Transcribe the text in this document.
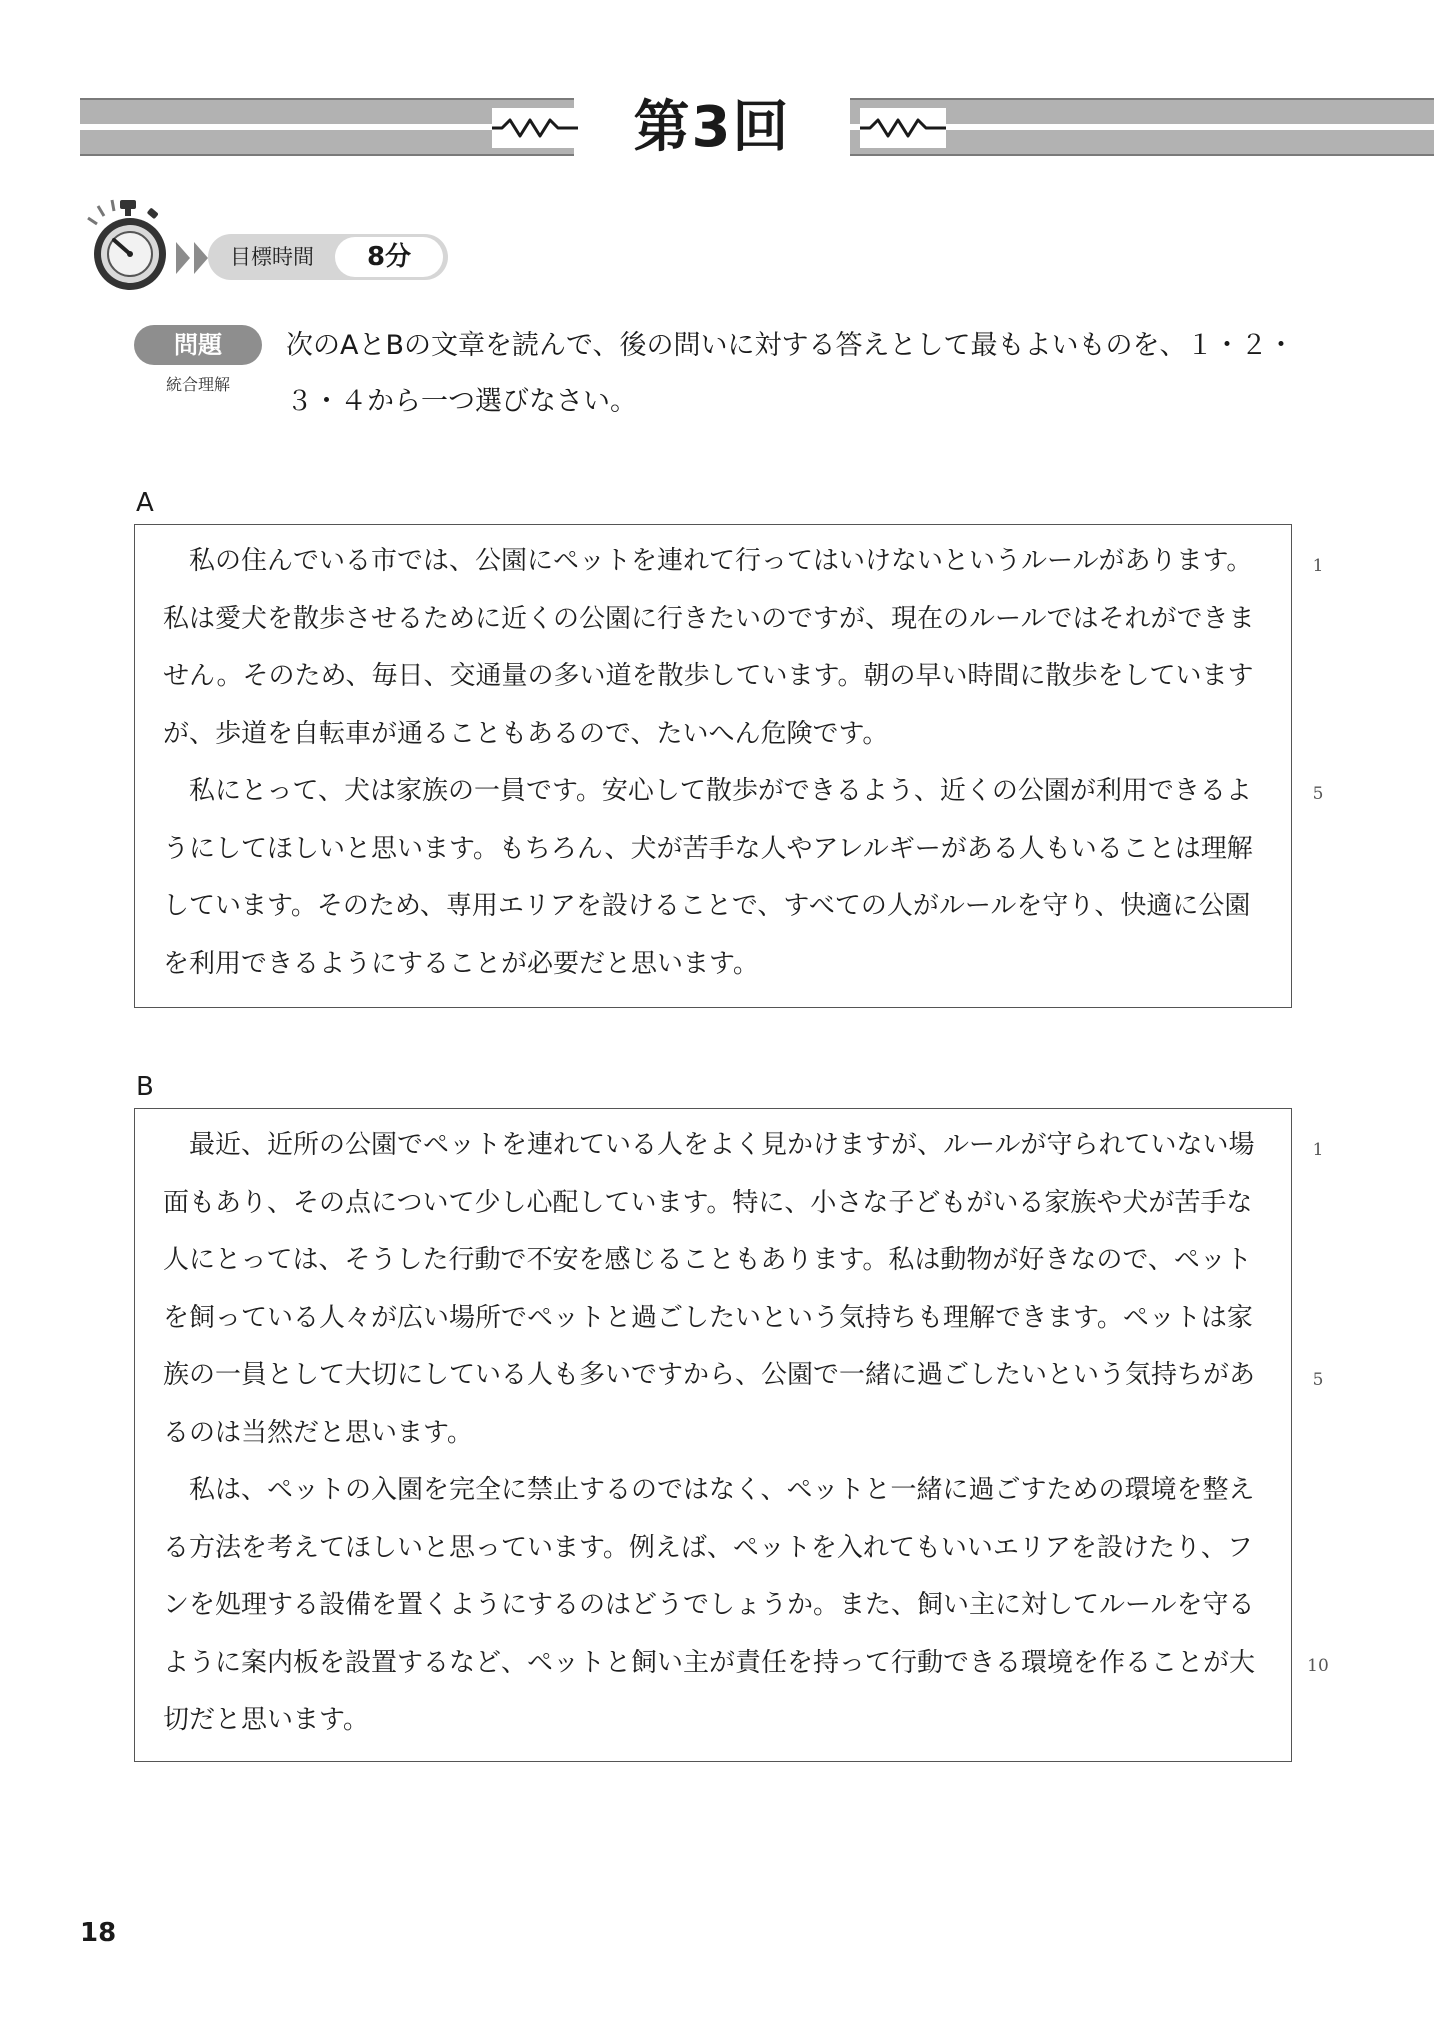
第3回
目標時間	8分
問題
統合理解

次のAとBの文章を読んで、後の問いに対する答えとして最もよいものを、１・２・３・４から一つ選びなさい。

A

私の住んでいる市では、公園にペットを連れて行ってはいけないというルールがあります。私は愛犬を散歩させるために近くの公園に行きたいのですが、現在のルールではそれができません。そのため、毎日、交通量の多い道を散歩しています。朝の早い時間に散歩をしていますが、歩道を自転車が通ることもあるので、たいへん危険です。

私にとって、犬は家族の一員です。安心して散歩ができるよう、近くの公園が利用できるようにしてほしいと思います。もちろん、犬が苦手な人やアレルギーがある人もいることは理解しています。そのため、専用エリアを設けることで、すべての人がルールを守り、快適に公園を利用できるようにすることが必要だと思います。

1
5
B

最近、近所の公園でペットを連れている人をよく見かけますが、ルールが守られていない場面もあり、その点について少し心配しています。特に、小さな子どもがいる家族や犬が苦手な人にとっては、そうした行動で不安を感じることもあります。私は動物が好きなので、ペットを飼っている人々が広い場所でペットと過ごしたいという気持ちも理解できます。ペットは家族の一員として大切にしている人も多いですから、公園で一緒に過ごしたいという気持ちがあるのは当然だと思います。

私は、ペットの入園を完全に禁止するのではなく、ペットと一緒に過ごすための環境を整える方法を考えてほしいと思っています。例えば、ペットを入れてもいいエリアを設けたり、フンを処理する設備を置くようにするのはどうでしょうか。また、飼い主に対してルールを守るように案内板を設置するなど、ペットと飼い主が責任を持って行動できる環境を作ることが大切だと思います。

1
5
10
18
